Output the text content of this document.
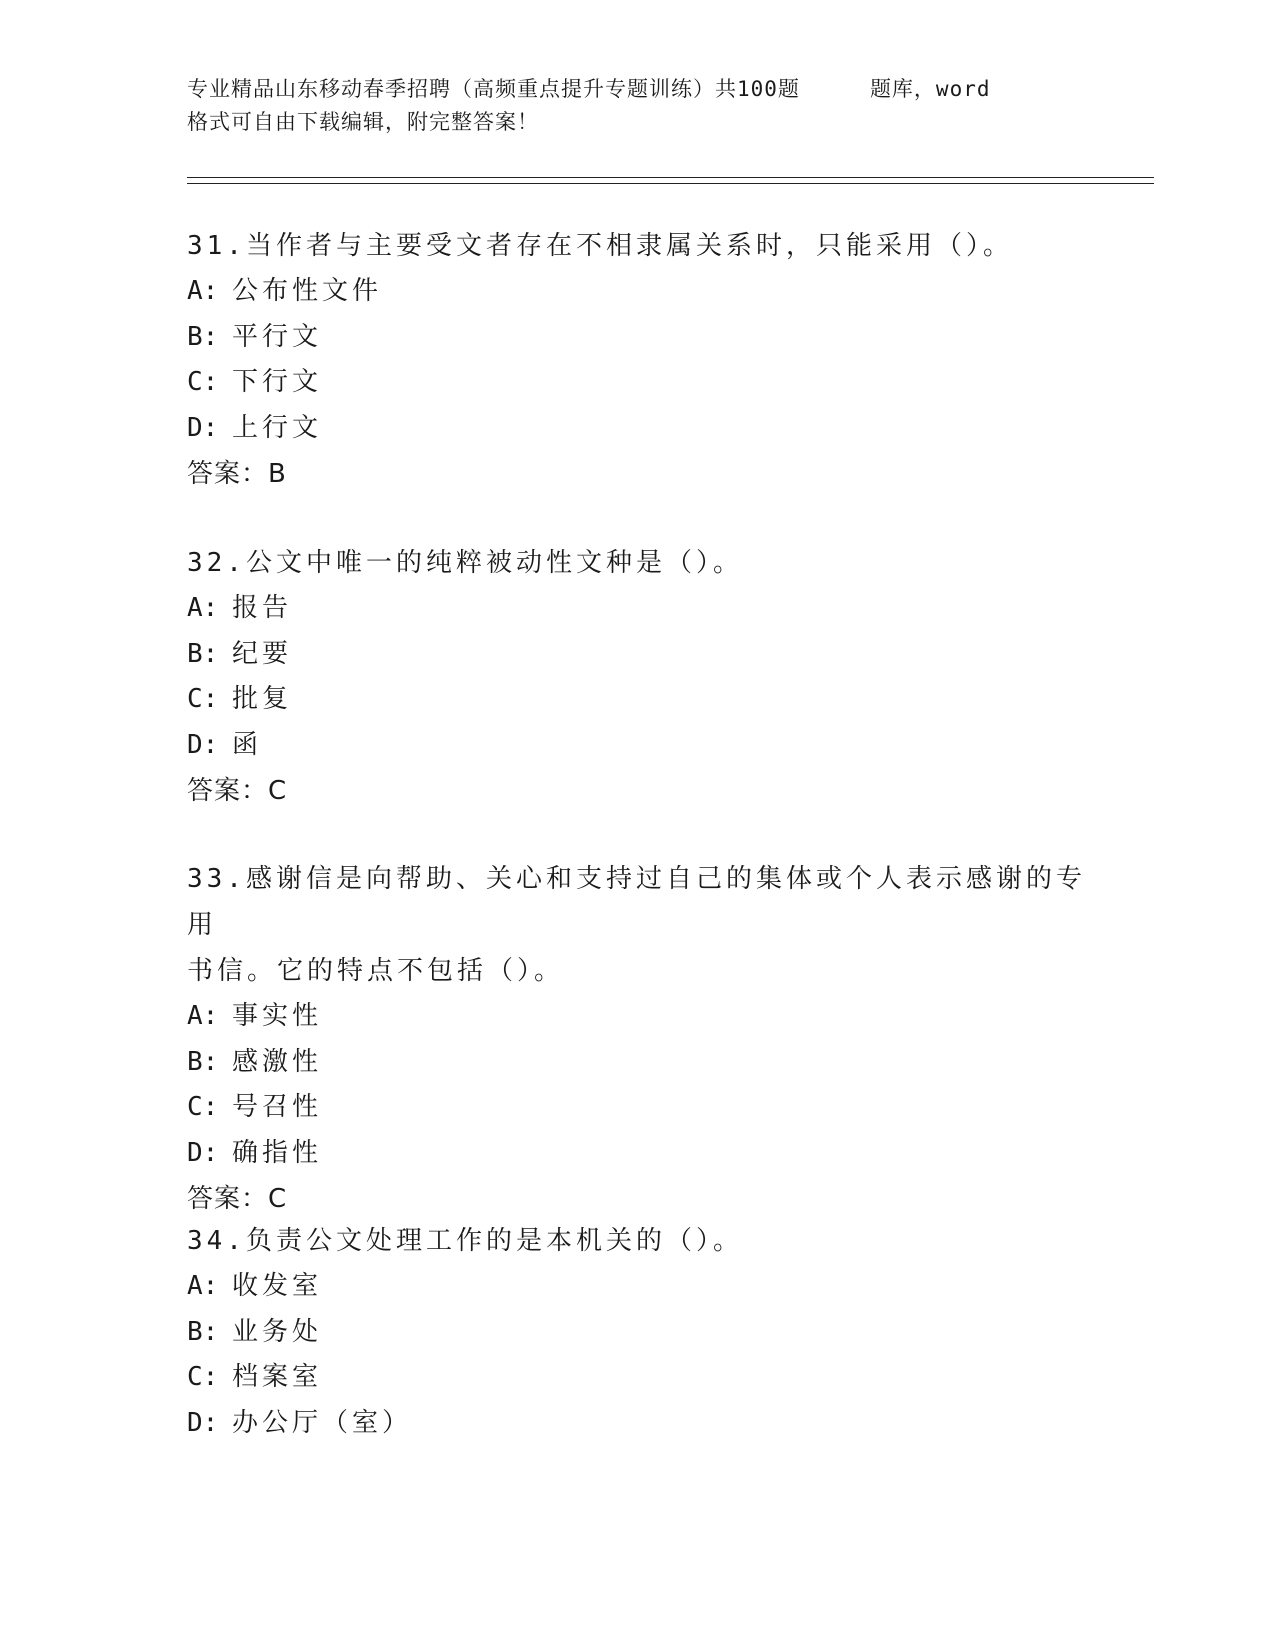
专业精品山东移动春季招聘（高频重点提升专题训练）共100题	题库，word
格式可自由下载编辑，附完整答案！

31.当作者与主要受文者存在不相隶属关系时，只能采用（）。

A: 公布性文件

B: 平行文

C: 下行文

D: 上行文

答案：B

32.公文中唯一的纯粹被动性文种是（）。

A: 报告

B: 纪要

C: 批复

D: 函

答案：C

33.感谢信是向帮助、关心和支持过自己的集体或个人表示感谢的专用

书信。它的特点不包括（）。

A: 事实性

B: 感激性

C: 号召性

D: 确指性

答案：C

34.负责公文处理工作的是本机关的（）。

A: 收发室

B: 业务处

C: 档案室

D: 办公厅（室）
